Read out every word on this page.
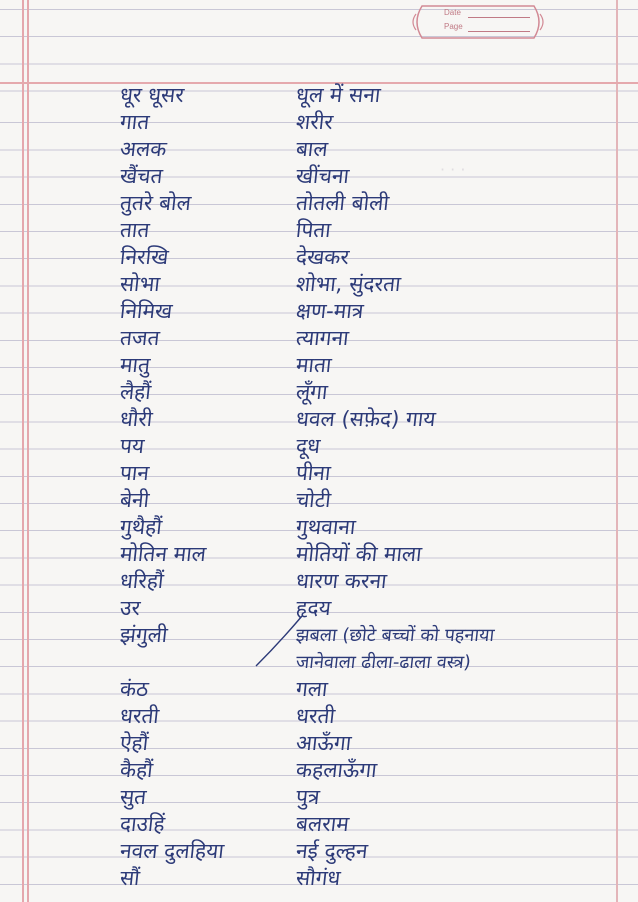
Date
Page
· · ·
धूर धूसर	धूल में सना
गात	शरीर
अलक	बाल
खैंचत	खींचना
तुतरे बोल	तोतली बोली
तात	पिता
निरखि	देखकर
सोभा	शोभा, सुंदरता
निमिख	क्षण-मात्र
तजत	त्यागना
मातु	माता
लैहौं	लूँगा
धौरी	धवल (सफ़ेद) गाय
पय	दूध
पान	पीना
बेनी	चोटी
गुथैहौं	गुथवाना
मोतिन माल	मोतियों की माला
धरिहौं	धारण करना
उर	हृदय
झंगुली	झबला (छोटे बच्चों को पहनाया
जानेवाला ढीला-ढाला वस्त्र)
कंठ	गला
धरती	धरती
ऐहौं	आऊँगा
कैहौं	कहलाऊँगा
सुत	पुत्र
दाउहिं	बलराम
नवल दुलहिया	नई दुल्हन
सौं	सौगंध
